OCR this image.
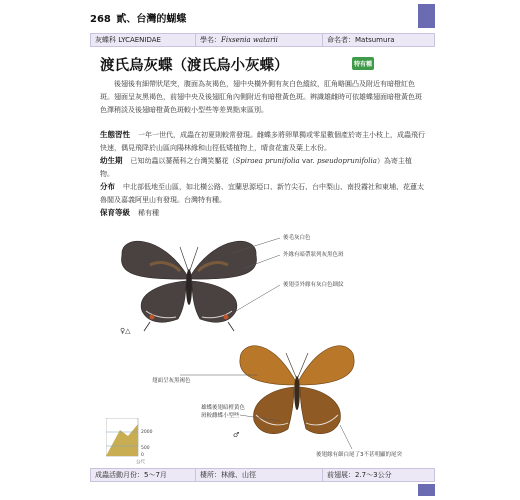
268 貳、台灣的蝴蝶
灰蝶科 LYCAENIDAE	學名： Fixsenia watarii	命名者： Matsumura
渡氏烏灰蝶（渡氏烏小灰蝶）	特有種

後翅後有細帶狀尾突，腹面為灰褐色，翅中央橫外側有灰白色縱紋，肛角略圓凸及附近有暗橙紅色斑。翅面呈灰黑褐色，前翅中央及後翅肛角內側附近有暗橙黃色斑。辨識雄雌時可依雄蝶翅面暗橙黃色斑色澤稍淡及後翅暗橙黃色斑較小型些等差異點來區別。

生態習性 一年一世代，成蟲在初夏則較常發現。雌蝶多將卵單獨或零星數個產於寄主小枝上，成蟲飛行快速，偶見飛降於山區向陽林緣和山徑低矮植物上，晴食花蜜及葉上水份。

幼生期 已知幼蟲以薔薇科之台灣笑靨花（Spiraea prunifolia var. pseudoprunifolia）為寄主植物。

分布 中北部低地至山區，如北橫公路、宜蘭思源埡口、新竹尖石、台中梨山、南投霧社和東埔、花蓮太魯閣及嘉義阿里山有發現。台灣特有種。

保育等級 稀有種

後毛灰白色
外緣有暗帶狀列灰黑色斑
後翅亞外緣有灰白色細紋
翅面呈灰黑褐色
雄蝶後翅暗橙黃色
斑較雌蝶小型些
後翅緣有細白尾了3不甚明顯的尾突
♀△
♂
2000
500
0
公尺
成蟲活動月份： 5～7月	棲所： 林緣、山徑	前翅展： 2.7～3公分
